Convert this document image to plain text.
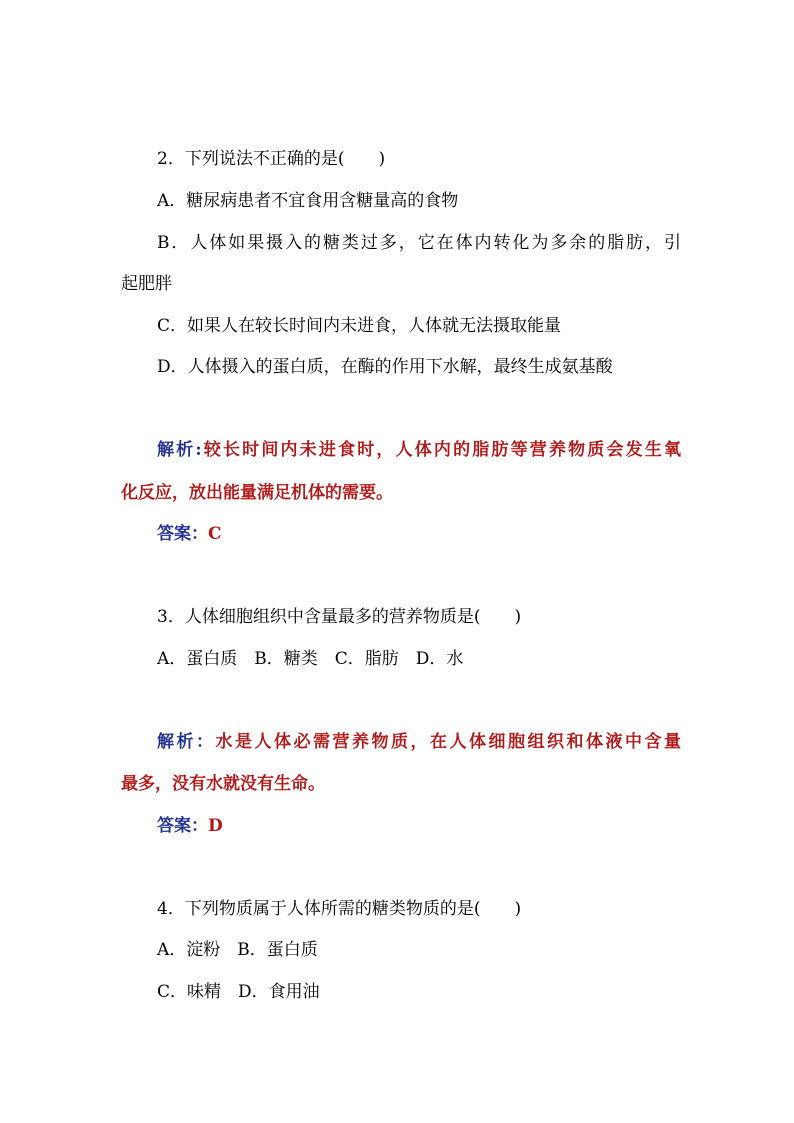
2．下列说法不正确的是(　　)
A．糖尿病患者不宜食用含糖量高的食物
B．人体如果摄入的糖类过多，它在体内转化为多余的脂肪，引
起肥胖
C．如果人在较长时间内未进食，人体就无法摄取能量
D．人体摄入的蛋白质，在酶的作用下水解，最终生成氨基酸
解析:较长时间内未进食时，人体内的脂肪等营养物质会发生氧
化反应，放出能量满足机体的需要。
答案：C
3．人体细胞组织中含量最多的营养物质是(　　)
A．蛋白质　B．糖类　C．脂肪　D．水
解析：水是人体必需营养物质，在人体细胞组织和体液中含量
最多，没有水就没有生命。
答案：D
4．下列物质属于人体所需的糖类物质的是(　　)
A．淀粉　B．蛋白质
C．味精　D．食用油
